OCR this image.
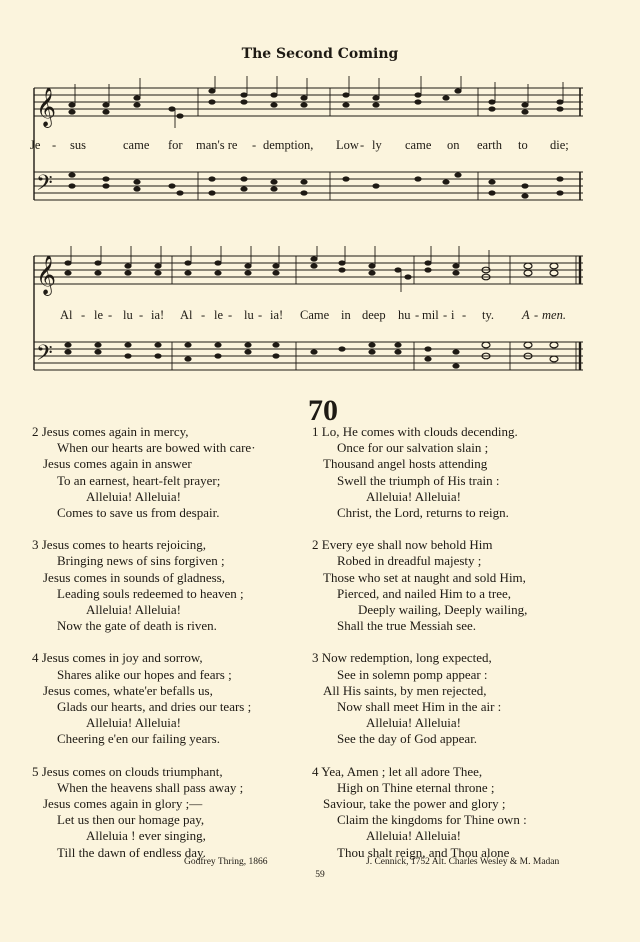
The Second Coming
𝄞
𝄢
Je - sus	came for man's re - demption, Low - ly came on earth to die;
𝄞
𝄢
Al - le - lu - ia! Al - le - lu - ia! Came in deep hu - mil - i - ty. A - men.
70
2 Jesus comes again in mercy,
When our hearts are bowed with care·
Jesus comes again in answer
To an earnest, heart-felt prayer;
Alleluia! Alleluia!
Comes to save us from despair.
3 Jesus comes to hearts rejoicing,
Bringing news of sins forgiven ;
Jesus comes in sounds of gladness,
Leading souls redeemed to heaven ;
Alleluia! Alleluia!
Now the gate of death is riven.
4 Jesus comes in joy and sorrow,
Shares alike our hopes and fears ;
Jesus comes, whate'er befalls us,
Glads our hearts, and dries our tears ;
Alleluia! Alleluia!
Cheering e'en our failing years.
5 Jesus comes on clouds triumphant,
When the heavens shall pass away ;
Jesus comes again in glory ;—
Let us then our homage pay,
Alleluia ! ever singing,
Till the dawn of endless day.
1 Lo, He comes with clouds decending.
Once for our salvation slain ;
Thousand angel hosts attending
Swell the triumph of His train :
Alleluia! Alleluia!
Christ, the Lord, returns to reign.
2 Every eye shall now behold Him
Robed in dreadful majesty ;
Those who set at naught and sold Him,
Pierced, and nailed Him to a tree,
Deeply wailing, Deeply wailing,
Shall the true Messiah see.
3 Now redemption, long expected,
See in solemn pomp appear :
All His saints, by men rejected,
Now shall meet Him in the air :
Alleluia! Alleluia!
See the day of God appear.
4 Yea, Amen ; let all adore Thee,
High on Thine eternal throne ;
Saviour, take the power and glory ;
Claim the kingdoms for Thine own :
Alleluia! Alleluia!
Thou shalt reign, and Thou alone
Godfrey Thring, 1866	J. Cennick, 1752 Alt. Charles Wesley & M. Madan
59
